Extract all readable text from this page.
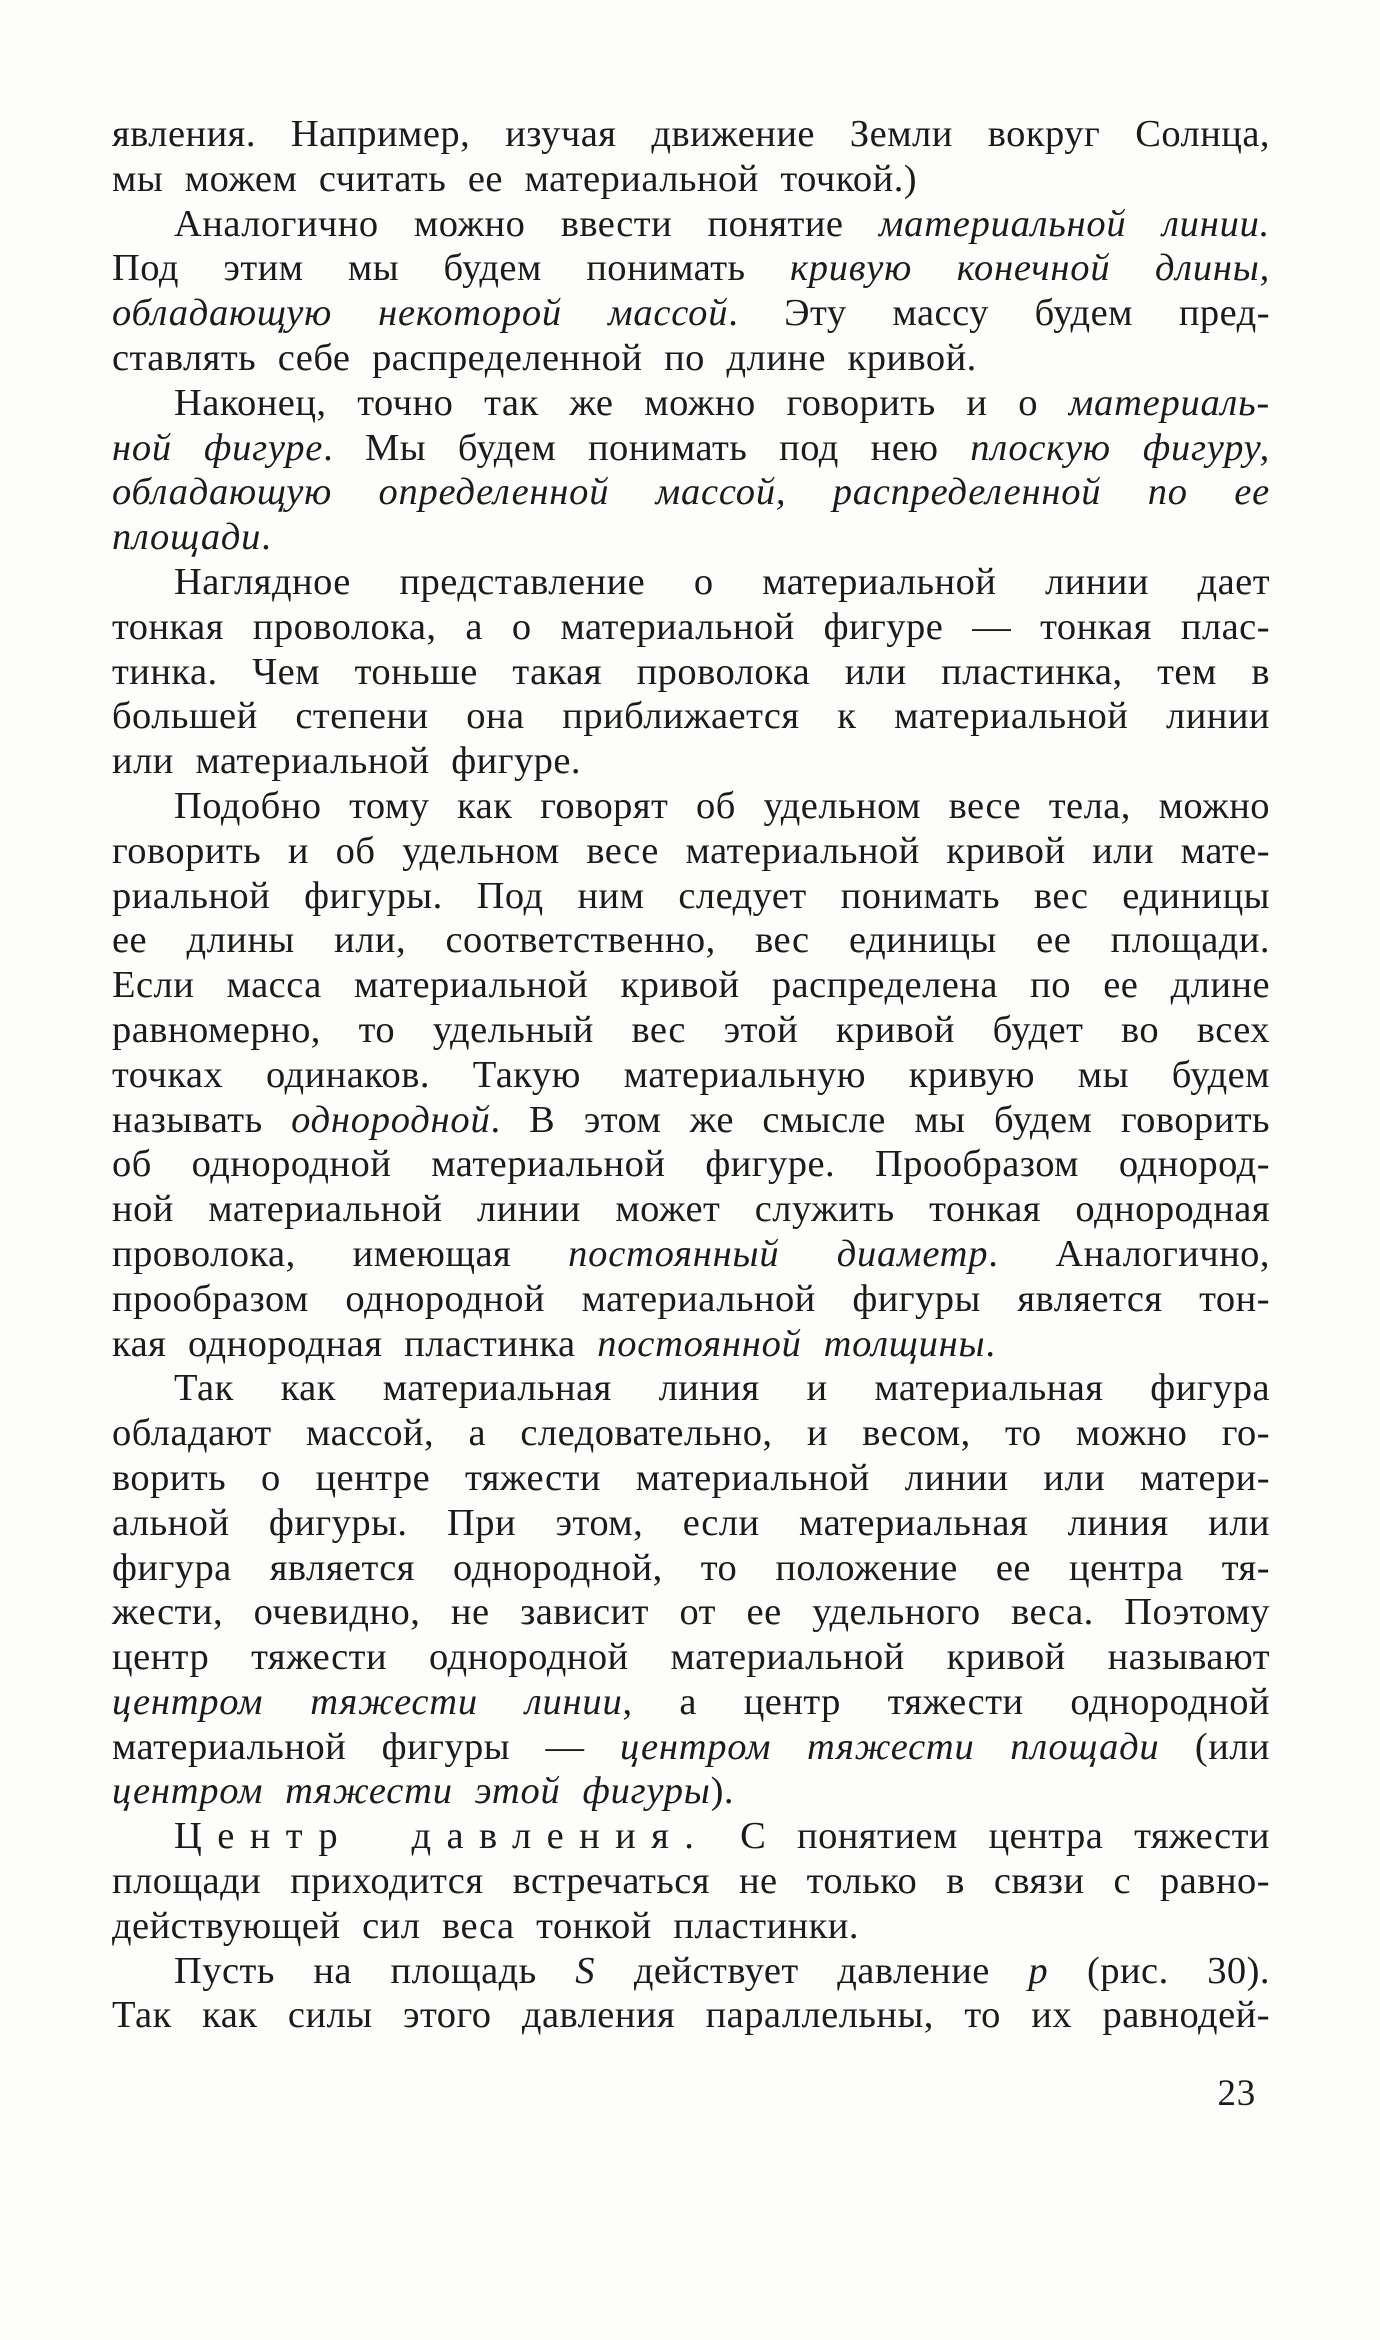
явления. Например, изучая движение Земли вокруг Солнца,
мы можем считать ее материальной точкой.)
Аналогично можно ввести понятие материальной линии.
Под этим мы будем понимать кривую конечной длины,
обладающую некоторой массой. Эту массу будем пред-
ставлять себе распределенной по длине кривой.
Наконец, точно так же можно говорить и о материаль-
ной фигуре. Мы будем понимать под нею плоскую фигуру,
обладающую определенной массой, распределенной по ее
площади.
Наглядное представление о материальной линии дает
тонкая проволока, а о материальной фигуре — тонкая плас-
тинка. Чем тоньше такая проволока или пластинка, тем в
большей степени она приближается к материальной линии
или материальной фигуре.
Подобно тому как говорят об удельном весе тела, можно
говорить и об удельном весе материальной кривой или мате-
риальной фигуры. Под ним следует понимать вес единицы
ее длины или, соответственно, вес единицы ее площади.
Если масса материальной кривой распределена по ее длине
равномерно, то удельный вес этой кривой будет во всех
точках одинаков. Такую материальную кривую мы будем
называть однородной. В этом же смысле мы будем говорить
об однородной материальной фигуре. Прообразом однород-
ной материальной линии может служить тонкая однородная
проволока, имеющая постоянный диаметр. Аналогично,
прообразом однородной материальной фигуры является тон-
кая однородная пластинка постоянной толщины.
Так как материальная линия и материальная фигура
обладают массой, а следовательно, и весом, то можно го-
ворить о центре тяжести материальной линии или матери-
альной фигуры. При этом, если материальная линия или
фигура является однородной, то положение ее центра тя-
жести, очевидно, не зависит от ее удельного веса. Поэтому
центр тяжести однородной материальной кривой называют
центром тяжести линии, а центр тяжести однородной
материальной фигуры — центром тяжести площади (или
центром тяжести этой фигуры).
Центр давления. С понятием центра тяжести
площади приходится встречаться не только в связи с равно-
действующей сил веса тонкой пластинки.
Пусть на площадь S действует давление p (рис. 30).
Так как силы этого давления параллельны, то их равнодей-
23
